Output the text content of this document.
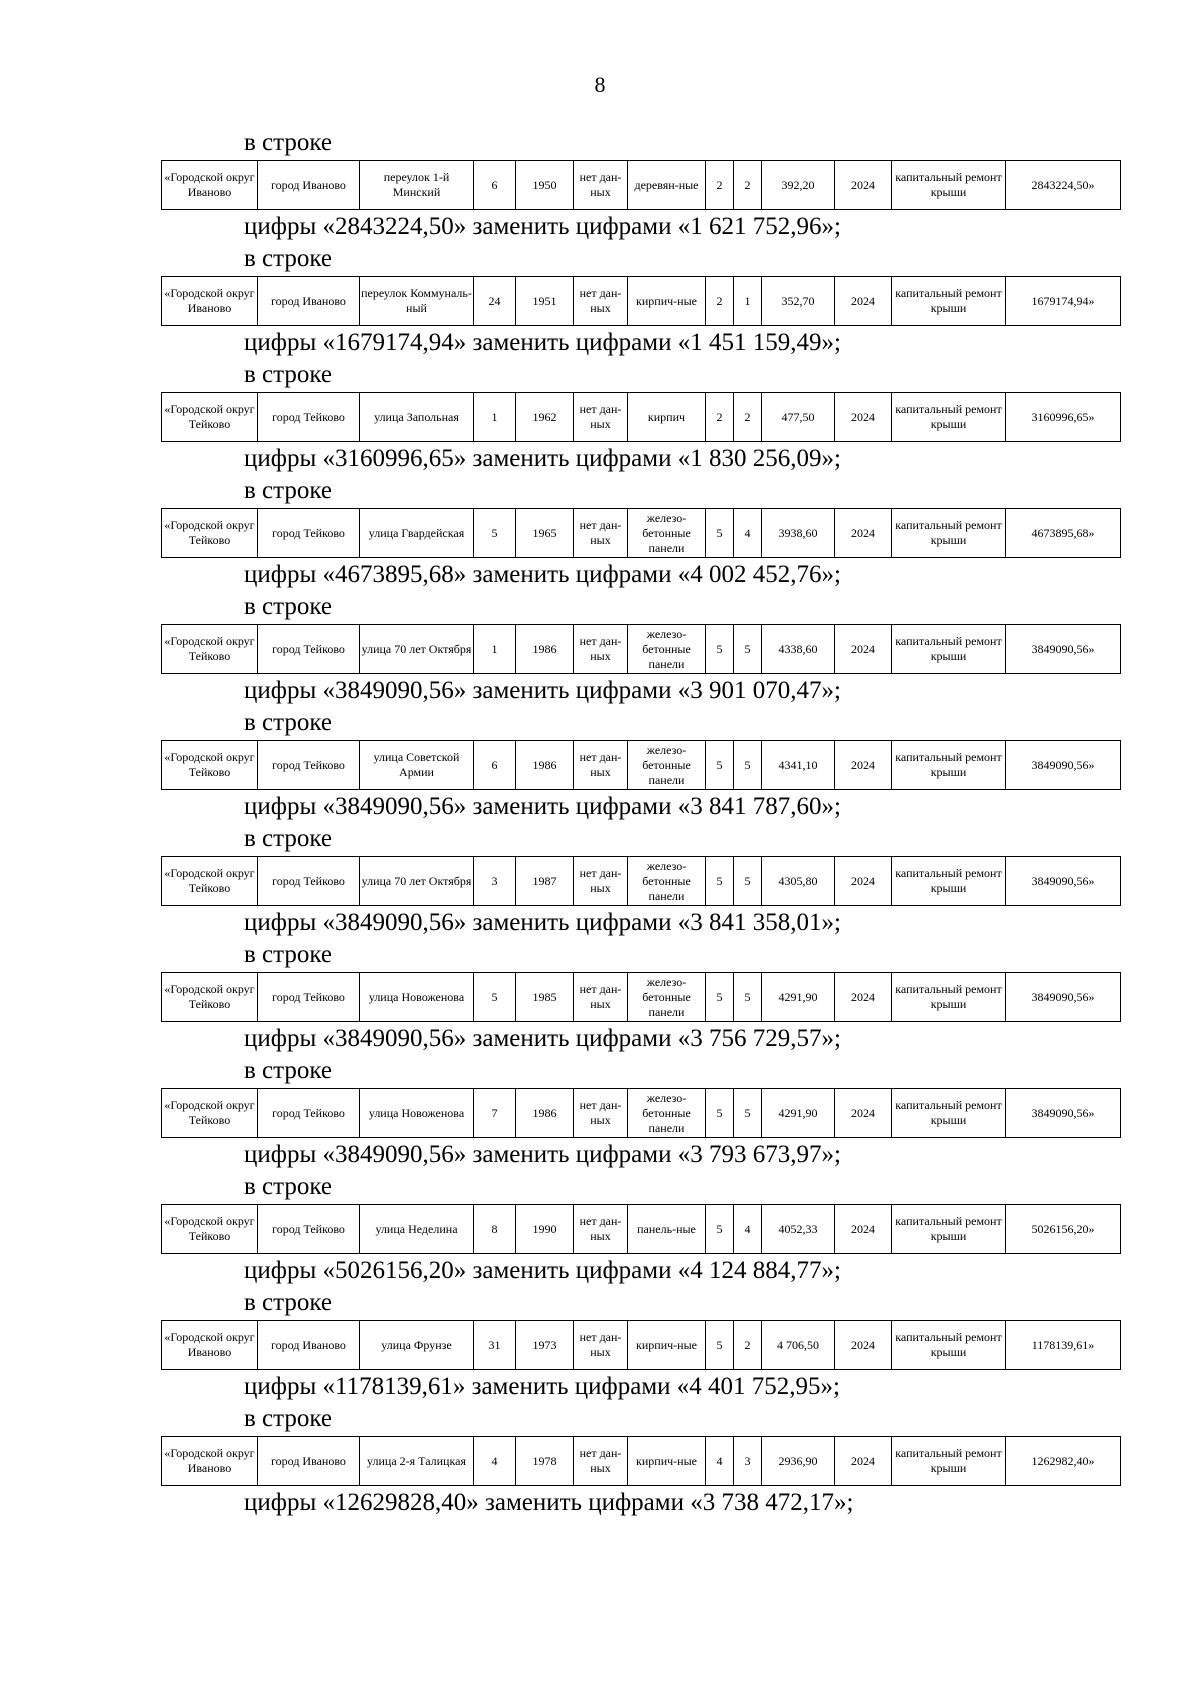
8
в строке
«Городской округ Иваново	город Иваново	переулок 1-й Минский	6	1950	нет дан-ных	деревян-ные	2	2	392,20	2024	капитальный ремонт крыши	2843224,50»
цифры «2843224,50» заменить цифрами «1 621 752,96»;
в строке
«Городской округ Иваново	город Иваново	переулок Коммуналь-ный	24	1951	нет дан-ных	кирпич-ные	2	1	352,70	2024	капитальный ремонт крыши	1679174,94»
цифры «1679174,94» заменить цифрами «1 451 159,49»;
в строке
«Городской округ Тейково	город Тейково	улица Запольная	1	1962	нет дан-ных	кирпич	2	2	477,50	2024	капитальный ремонт крыши	3160996,65»
цифры «3160996,65» заменить цифрами «1 830 256,09»;
в строке
«Городской округ Тейково	город Тейково	улица Гвардейская	5	1965	нет дан-ных	железо-бетонные панели	5	4	3938,60	2024	капитальный ремонт крыши	4673895,68»
цифры «4673895,68» заменить цифрами «4 002 452,76»;
в строке
«Городской округ Тейково	город Тейково	улица 70 лет Октября	1	1986	нет дан-ных	железо-бетонные панели	5	5	4338,60	2024	капитальный ремонт крыши	3849090,56»
цифры «3849090,56» заменить цифрами «3 901 070,47»;
в строке
«Городской округ Тейково	город Тейково	улица Советской Армии	6	1986	нет дан-ных	железо-бетонные панели	5	5	4341,10	2024	капитальный ремонт крыши	3849090,56»
цифры «3849090,56» заменить цифрами «3 841 787,60»;
в строке
«Городской округ Тейково	город Тейково	улица 70 лет Октября	3	1987	нет дан-ных	железо-бетонные панели	5	5	4305,80	2024	капитальный ремонт крыши	3849090,56»
цифры «3849090,56» заменить цифрами «3 841 358,01»;
в строке
«Городской округ Тейково	город Тейково	улица Новоженова	5	1985	нет дан-ных	железо-бетонные панели	5	5	4291,90	2024	капитальный ремонт крыши	3849090,56»
цифры «3849090,56» заменить цифрами «3 756 729,57»;
в строке
«Городской округ Тейково	город Тейково	улица Новоженова	7	1986	нет дан-ных	железо-бетонные панели	5	5	4291,90	2024	капитальный ремонт крыши	3849090,56»
цифры «3849090,56» заменить цифрами «3 793 673,97»;
в строке
«Городской округ Тейково	город Тейково	улица Неделина	8	1990	нет дан-ных	панель-ные	5	4	4052,33	2024	капитальный ремонт крыши	5026156,20»
цифры «5026156,20» заменить цифрами «4 124 884,77»;
в строке
«Городской округ Иваново	город Иваново	улица Фрунзе	31	1973	нет дан-ных	кирпич-ные	5	2	4 706,50	2024	капитальный ремонт крыши	1178139,61»
цифры «1178139,61» заменить цифрами «4 401 752,95»;
в строке
«Городской округ Иваново	город Иваново	улица 2-я Талицкая	4	1978	нет дан-ных	кирпич-ные	4	3	2936,90	2024	капитальный ремонт крыши	1262982,40»
цифры «12629828,40» заменить цифрами «3 738 472,17»;
